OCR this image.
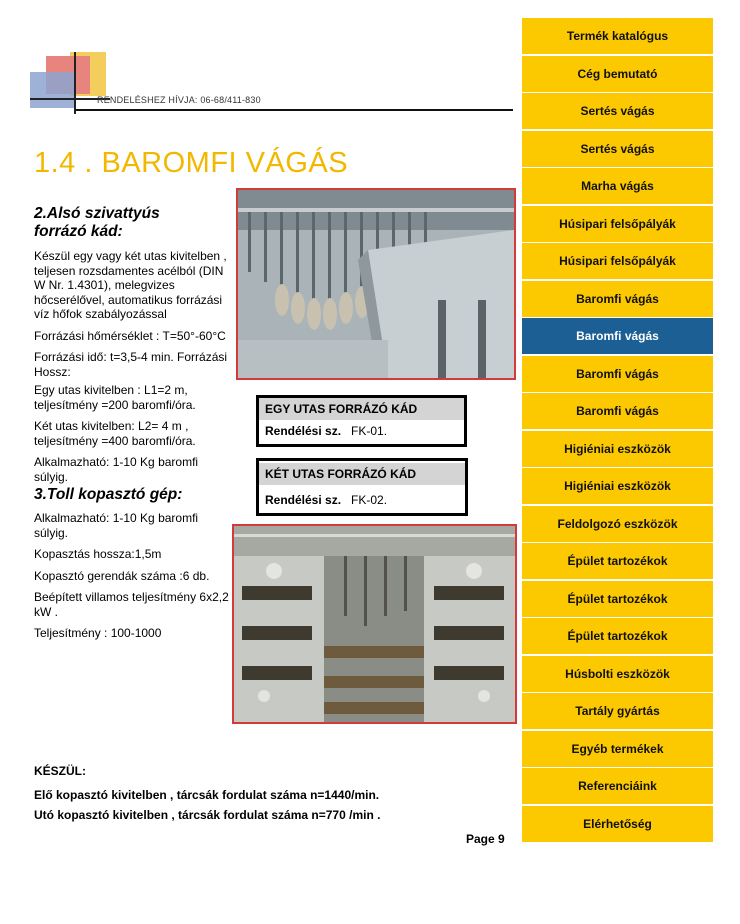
RENDELÉSHEZ HÍVJA: 06-68/411-830
1.4 . BAROMFI VÁGÁS
2.Alsó szivattyús
forrázó kád:

Készül egy vagy két utas kivitelben , teljesen rozsdamentes acélból (DIN W Nr. 1.4301), melegvizes hőcserélővel, automatikus forrázási víz hőfok szabályozással

Forrázási hőmérséklet : T=50°-60°C

Forrázási idő: t=3,5-4 min. Forrázási Hossz:

Egy utas kivitelben : L1=2 m, teljesítmény =200 baromfi/óra.

Két utas kivitelben: L2= 4 m , teljesítmény =400 baromfi/óra.

Alkalmazható: 1-10 Kg baromfi súlyig.

3.Toll kopasztó gép:

Alkalmazható: 1-10 Kg baromfi súlyig.

Kopasztás hossza:1,5m

Kopasztó gerendák száma :6 db.

Beépített villamos teljesítmény 6x2,2 kW .

Teljesítmény : 100-1000

EGY UTAS FORRÁZÓ KÁD
Rendélési sz. FK-01.
KÉT UTAS FORRÁZÓ KÁD
Rendélési sz. FK-02.
KÉSZÜL:
Elő kopasztó kivitelben , tárcsák fordulat száma n=1440/min.
Utó kopasztó kivitelben , tárcsák fordulat száma n=770 /min .
Page 9
Termék katalógus
Cég bemutató
Sertés vágás
Sertés vágás
Marha vágás
Húsipari felsőpályák
Húsipari felsőpályák
Baromfi vágás
Baromfi vágás
Baromfi vágás
Baromfi vágás
Higiéniai eszközök
Higiéniai eszközök
Feldolgozó eszközök
Épület tartozékok
Épület tartozékok
Épület tartozékok
Húsbolti eszközök
Tartály gyártás
Egyéb termékek
Referenciáink
Elérhetőség
